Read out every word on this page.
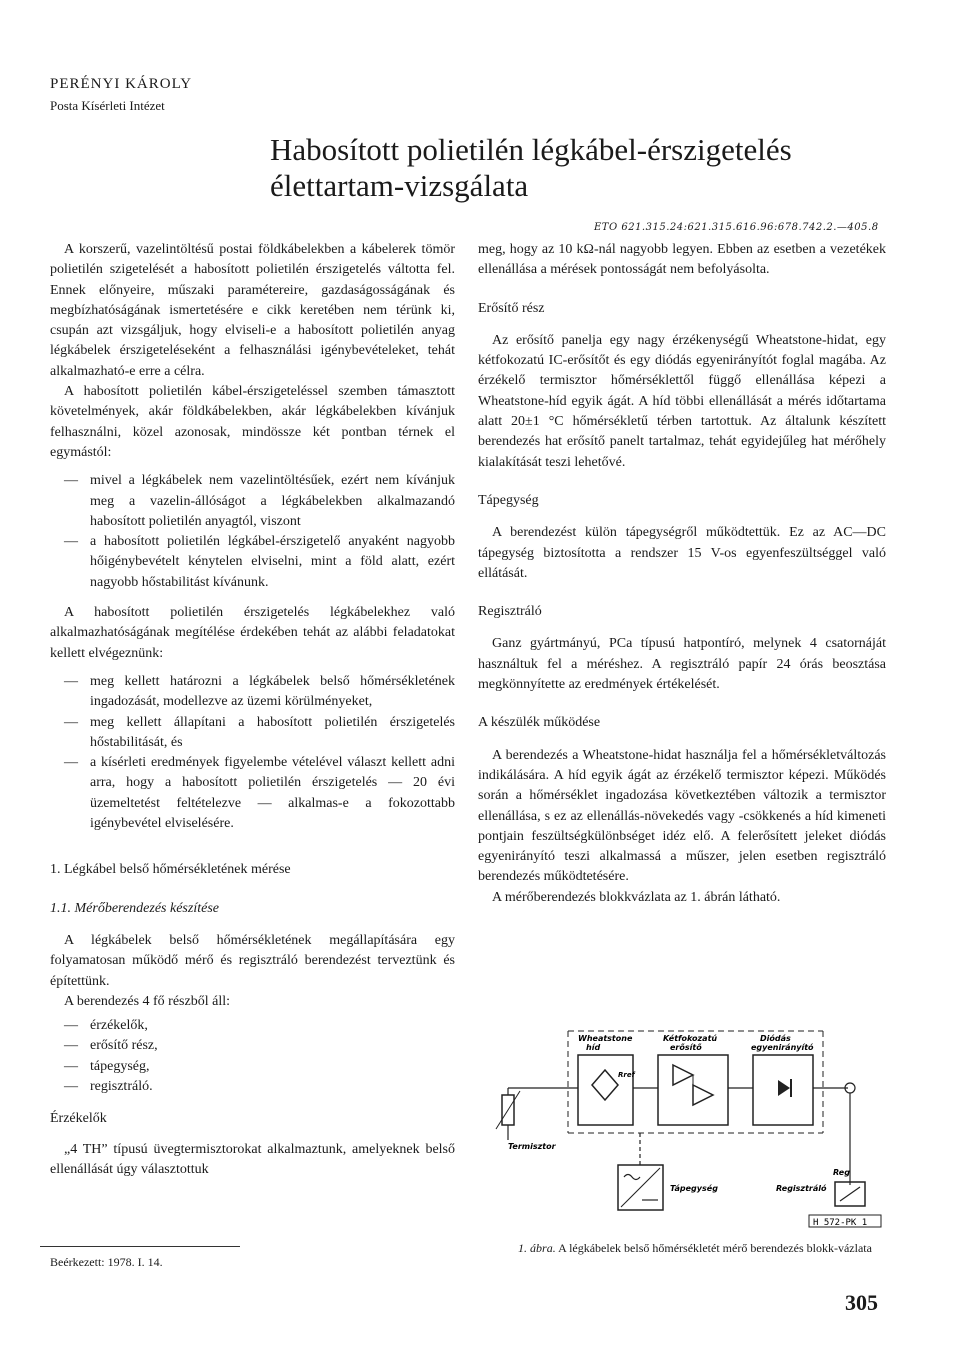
PERÉNYI KÁROLY
Posta Kísérleti Intézet
Habosított polietilén légkábel-érszigetelés
élettartam-vizsgálata
ETO 621.315.24:621.315.616.96:678.742.2.—405.8

A korszerű, vazelintöltésű postai földkábelekben a kábelerek tömör polietilén szigetelését a habosított polietilén érszigetelés váltotta fel. Ennek előnyeire, műszaki paramétereire, gazdaságosságának és megbízhatóságának ismertetésére e cikk keretében nem térünk ki, csupán azt vizsgáljuk, hogy elviseli-e a habosított polietilén anyag légkábelek érszigeteléseként a felhasználási igénybevételeket, tehát alkalmazható-e erre a célra.

A habosított polietilén kábel-érszigeteléssel szemben támasztott követelmények, akár földkábelekben, akár légkábelekben kívánjuk felhasználni, közel azonosak, mindössze két pontban térnek el egymástól:

— mivel a légkábelek nem vazelintöltésűek, ezért nem kívánjuk meg a vazelin-állóságot a légkábelekben alkalmazandó habosított polietilén anyagtól, viszont
— a habosított polietilén légkábel-érszigetelő anyaként nagyobb hőigénybevételt kénytelen elviselni, mint a föld alatt, ezért nagyobb hőstabilitást kívánunk.

A habosított polietilén érszigetelés légkábelekhez való alkalmazhatóságának megítélése érdekében tehát az alábbi feladatokat kellett elvégeznünk:

— meg kellett határozni a légkábelek belső hőmérsékletének ingadozását, modellezve az üzemi körülményeket,
— meg kellett állapítani a habosított polietilén érszigetelés hőstabilitását, és
— a kísérleti eredmények figyelembe vételével választ kellett adni arra, hogy a habosított polietilén érszigetelés — 20 évi üzemeltetést feltételezve — alkalmas-e a fokozottabb igénybevétel elviselésére.
1. Légkábel belső hőmérsékletének mérése
1.1. Mérőberendezés készítése

A légkábelek belső hőmérsékletének megállapítására egy folyamatosan működő mérő és regisztráló berendezést terveztünk és építettünk.

A berendezés 4 fő részből áll:

— érzékelők,
— erősítő rész,
— tápegység,
— regisztráló.
Érzékelők

„4 TH” típusú üvegtermisztorokat alkalmaztunk, amelyeknek belső ellenállását úgy választottuk

Beérkezett: 1978. I. 14.

meg, hogy az 10 kΩ-nál nagyobb legyen. Ebben az esetben a vezetékek ellenállása a mérések pontosságát nem befolyásolta.

Erősítő rész

Az erősítő panelja egy nagy érzékenységű Wheatstone-hidat, egy kétfokozatú IC-erősítőt és egy diódás egyenirányítót foglal magába. Az érzékelő termisztor hőmérséklettől függő ellenállása képezi a Wheatstone-híd egyik ágát. A híd többi ellenállását a mérés időtartama alatt 20±1 °C hőmérsékletű térben tartottuk. Az általunk készített berendezés hat erősítő panelt tartalmaz, tehát egyidejűleg hat mérőhely kialakítását teszi lehetővé.

Tápegység

A berendezést külön tápegységről működtettük. Ez az AC—DC tápegység biztosította a rendszer 15 V-os egyenfeszültséggel való ellátását.

Regisztráló

Ganz gyártmányú, PCa típusú hatpontíró, melynek 4 csatornáját használtuk fel a méréshez. A regisztráló papír 24 órás beosztása megkönnyítette az eredmények értékelését.

A készülék működése

A berendezés a Wheatstone-hidat használja fel a hőmérsékletváltozás indikálására. A híd egyik ágát az érzékelő termisztor képezi. Működés során a hőmérséklet ingadozása következtében változik a termisztor ellenállása, s ez az ellenállás-növekedés vagy -csökkenés a híd kimeneti pontjain feszültségkülönbséget idéz elő. A felerősített jeleket diódás egyenirányító teszi alkalmassá a műszer, jelen esetben regisztráló berendezés működtetésére.

A mérőberendezés blokkvázlata az 1. ábrán látható.

Wheatstone
híd
Kétfokozatú
erősítő
Diódás
egyenirányító
Rref
Termisztor
Tápegység	Regisztráló
Reg
H 572-PK 1
1. ábra. A légkábelek belső hőmérsékletét mérő berendezés blokk-vázlata
305
